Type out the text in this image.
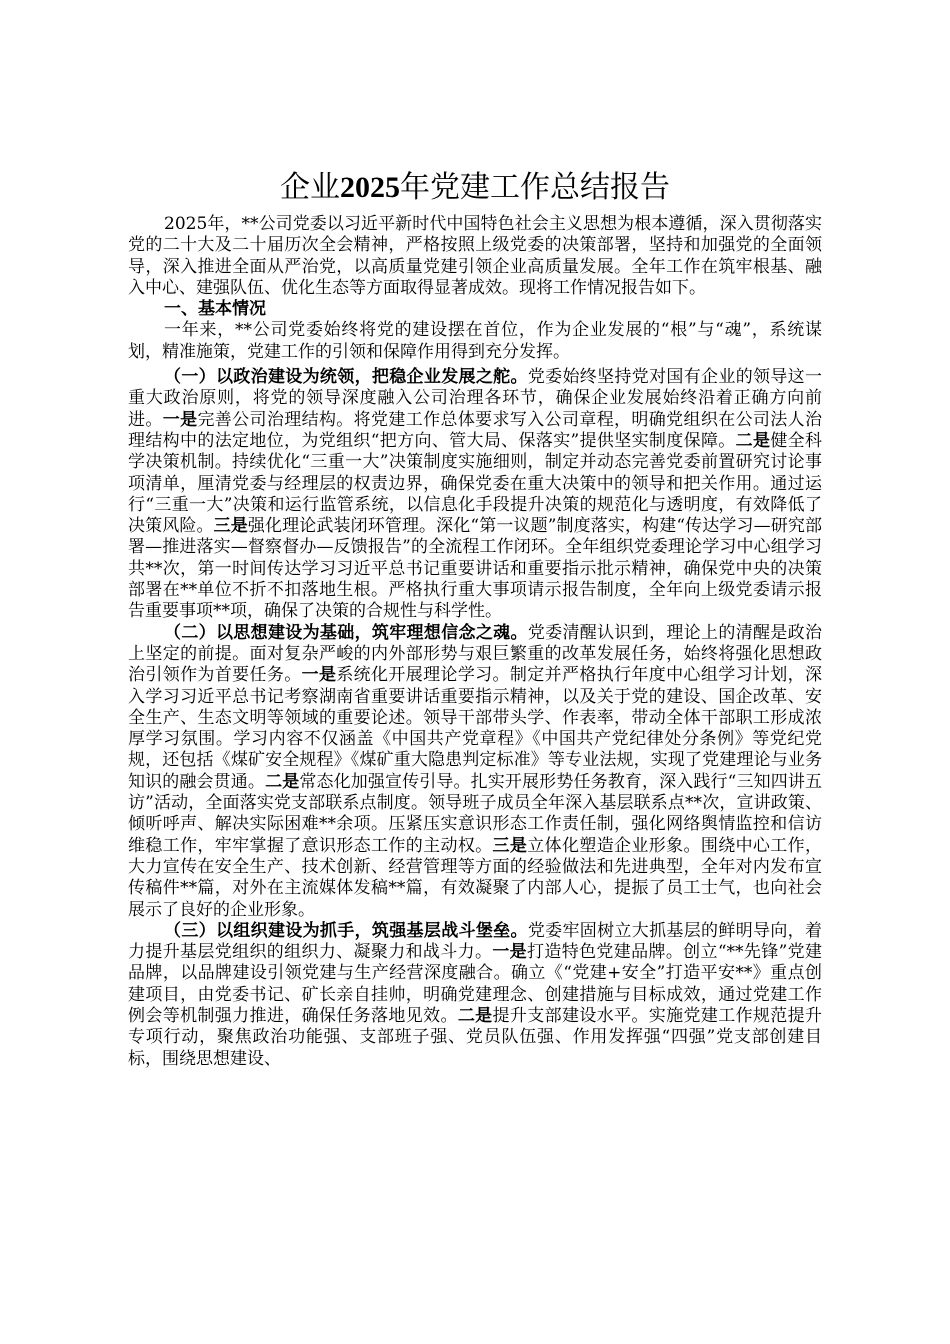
企业2025年党建工作总结报告

2025年，**公司党委以习近平新时代中国特色社会主义思想为根本遵循，深入贯彻落实党的二十大及二十届历次全会精神，严格按照上级党委的决策部署，坚持和加强党的全面领导，深入推进全面从严治党，以高质量党建引领企业高质量发展。全年工作在筑牢根基、融入中心、建强队伍、优化生态等方面取得显著成效。现将工作情况报告如下。

一、基本情况

一年来，**公司党委始终将党的建设摆在首位，作为企业发展的“根”与“魂”，系统谋划，精准施策，党建工作的引领和保障作用得到充分发挥。

（一）以政治建设为统领，把稳企业发展之舵。党委始终坚持党对国有企业的领导这一重大政治原则，将党的领导深度融入公司治理各环节，确保企业发展始终沿着正确方向前进。一是完善公司治理结构。将党建工作总体要求写入公司章程，明确党组织在公司法人治理结构中的法定地位，为党组织“把方向、管大局、保落实”提供坚实制度保障。二是健全科学决策机制。持续优化“三重一大”决策制度实施细则，制定并动态完善党委前置研究讨论事项清单，厘清党委与经理层的权责边界，确保党委在重大决策中的领导和把关作用。通过运行“三重一大”决策和运行监管系统，以信息化手段提升决策的规范化与透明度，有效降低了决策风险。三是强化理论武装闭环管理。深化“第一议题”制度落实，构建“传达学习—研究部署—推进落实—督察督办—反馈报告”的全流程工作闭环。全年组织党委理论学习中心组学习共**次，第一时间传达学习习近平总书记重要讲话和重要指示批示精神，确保党中央的决策部署在**单位不折不扣落地生根。严格执行重大事项请示报告制度，全年向上级党委请示报告重要事项**项，确保了决策的合规性与科学性。

（二）以思想建设为基础，筑牢理想信念之魂。党委清醒认识到，理论上的清醒是政治上坚定的前提。面对复杂严峻的内外部形势与艰巨繁重的改革发展任务，始终将强化思想政治引领作为首要任务。一是系统化开展理论学习。制定并严格执行年度中心组学习计划，深入学习习近平总书记考察湖南省重要讲话重要指示精神，以及关于党的建设、国企改革、安全生产、生态文明等领域的重要论述。领导干部带头学、作表率，带动全体干部职工形成浓厚学习氛围。学习内容不仅涵盖《中国共产党章程》《中国共产党纪律处分条例》等党纪党规，还包括《煤矿安全规程》《煤矿重大隐患判定标准》等专业法规，实现了党建理论与业务知识的融会贯通。二是常态化加强宣传引导。扎实开展形势任务教育，深入践行“三知四讲五访”活动，全面落实党支部联系点制度。领导班子成员全年深入基层联系点**次，宣讲政策、倾听呼声、解决实际困难**余项。压紧压实意识形态工作责任制，强化网络舆情监控和信访维稳工作，牢牢掌握了意识形态工作的主动权。三是立体化塑造企业形象。围绕中心工作，大力宣传在安全生产、技术创新、经营管理等方面的经验做法和先进典型，全年对内发布宣传稿件**篇，对外在主流媒体发稿**篇，有效凝聚了内部人心，提振了员工士气，也向社会展示了良好的企业形象。

（三）以组织建设为抓手，筑强基层战斗堡垒。党委牢固树立大抓基层的鲜明导向，着力提升基层党组织的组织力、凝聚力和战斗力。一是打造特色党建品牌。创立“**先锋”党建品牌，以品牌建设引领党建与生产经营深度融合。确立《“党建+安全”打造平安**》重点创建项目，由党委书记、矿长亲自挂帅，明确党建理念、创建措施与目标成效，通过党建工作例会等机制强力推进，确保任务落地见效。二是提升支部建设水平。实施党建工作规范提升专项行动，聚焦政治功能强、支部班子强、党员队伍强、作用发挥强“四强”党支部创建目标，围绕思想建设、
